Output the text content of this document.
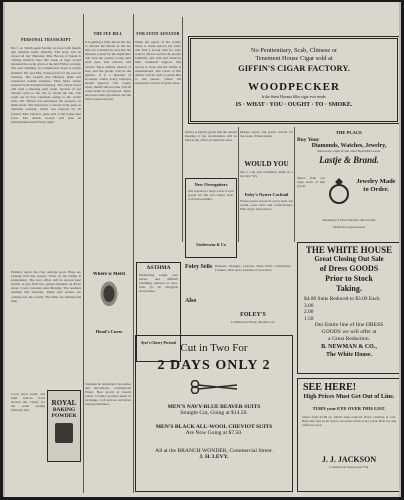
PERSONAL TRANSCRIPT
THE FEE BILL	FOR STATE SENATOR
Mr. J. A. Smith spent Sunday in town with friends and returned home Monday. The store will be closed all day Thursday. Mrs. Brown of Salem is visiting relatives here this week. A large crowd attended the social given at the hall Friday evening. The new building on Commercial street is nearly finished. Mr. and Mrs. Johnson left for the east on Tuesday. The council met Monday night and transacted routine business. Miss Mary Green returned from Portland Saturday. The school board will hold a meeting next week. Several of our citizens went to the city to attend the fair. The roads are in bad condition owing to the recent rains. Mr. Wilson has purchased the property on Main street. The band gave a concert in the park on Saturday evening, which was enjoyed by all present. Mrs. Davis is quite sick at her home near town. The church society will give an entertainment next Friday night.
Farmers report the crop outlook good. Hops are looking well this season. Work on the bridge is progressing. The post office will be moved next month. A new firm has opened business on Front street. Court convenes next Monday. The teachers institute met Saturday. Many new settlers are coming into the county. The mills are running full time.
ROYAL
BAKING
POWDER
Local news items and brief notices from around the county for the week ending Saturday last.
It is getting a trifle late in the day to discuss the merits of the fee bill, but it should be said that the measure passed by the legislature will save the county a large sum each year. The officers will receive fixed salaries instead of fees, and the people will be the gainers. It is a measure of economy which every taxpayer should approve. The county clerk, sheriff and recorder will all come under its provisions. There has been some opposition, but the bill is sound and just.
Where is Merit
Hood's Cures
Snodden & Greenland, Groceries and Provisions, Commercial Street. Best goods at lowest prices. Country produce taken in exchange. Call and see us before buying elsewhere.
When the report of the county ticket is made known the party will find a strong man for state senator. He has served the people faithfully and well and deserves their continued support. His record is clean and his ability is unquestioned. The voters of this district will do well to return him to the senate, where his experience will be of great value.
ASTHMA
Distressing cough, sore throat, and difficult breathing relieved at once. Sold by all druggists everywhere.
Ayer's Cherry Pectoral
No Penitentiary, Scab, Chinese or
Tenement House Cigar sold at
GIFFIN'S CIGAR FACTORY.
WOODPECKER
Is the finest Havana filler cigar ever made.
IS · WHAT · YOU · OUGHT · TO · SMOKE.
Notice is hereby given that the annual meeting of the stockholders will be held at the office on Saturday next.
New Overgaiters
Just received a large stock of new goods for fall and winter wear. Call and examine.
Underwear & Co
Market report and prices current for the week. Wheat steady.
WOULD YOU
like a cold and refreshing drink on a hot day? Try
Foley's Oyster Cocktail
Fresh oysters served in every style. Ice cream, soda water and confectionery. Fine cigars and tobacco.
Foley Sells Bananas, Oranges, Lemons, Lime Fruit, Cranberries, Candies, Nuts and a full line of Groceries.
Also
FOLEY'S
Commercial Street, Moulds Cor.
THE PLACE
Buy Your
Diamonds, Watches, Jewelry,
Silverware, Optical and other Beautiful Goods.
Lastje & Brand.
Select from our large stock of fine goods.
Jewelry Made to Order.
Repairing of Fine Watches and Jewelry
Satisfaction guaranteed.
THE WHITE HOUSE
Great Closing Out Sale
of Dress GOODS
Prior to Stock
Taking.
$4.00 Suits Reduced to $3.00 Each
3.00
2.00
1.50
Our Entire line of fine DRESS
GOODS we will offer at
a Great Reduction.
B. NEWMAN & CO.,
The White House.
SEE HERE!
High Prices Must Get Out of Line.
TURN your EYE OVER THIS LIST.
Shoes from $1.00 up. Men's suits reduced. Boys' clothing at cost. Hats and caps in all styles. Groceries fresh every week. Best tea and coffee in town.
J. J. JACKSON
Commercial Street, near Fair
Cut in Two For
2 DAYS ONLY 2
MEN'S NAVY-BLUE BEAVER SUITS
Straight Cut, Going at $14.50.
MEN'S BLACK ALL-WOOL CHEVIOT SUITS
Are Now Going at $7.50.
All at the BRANCH WONDER, Commercial Street.
J. H. LEVY.
